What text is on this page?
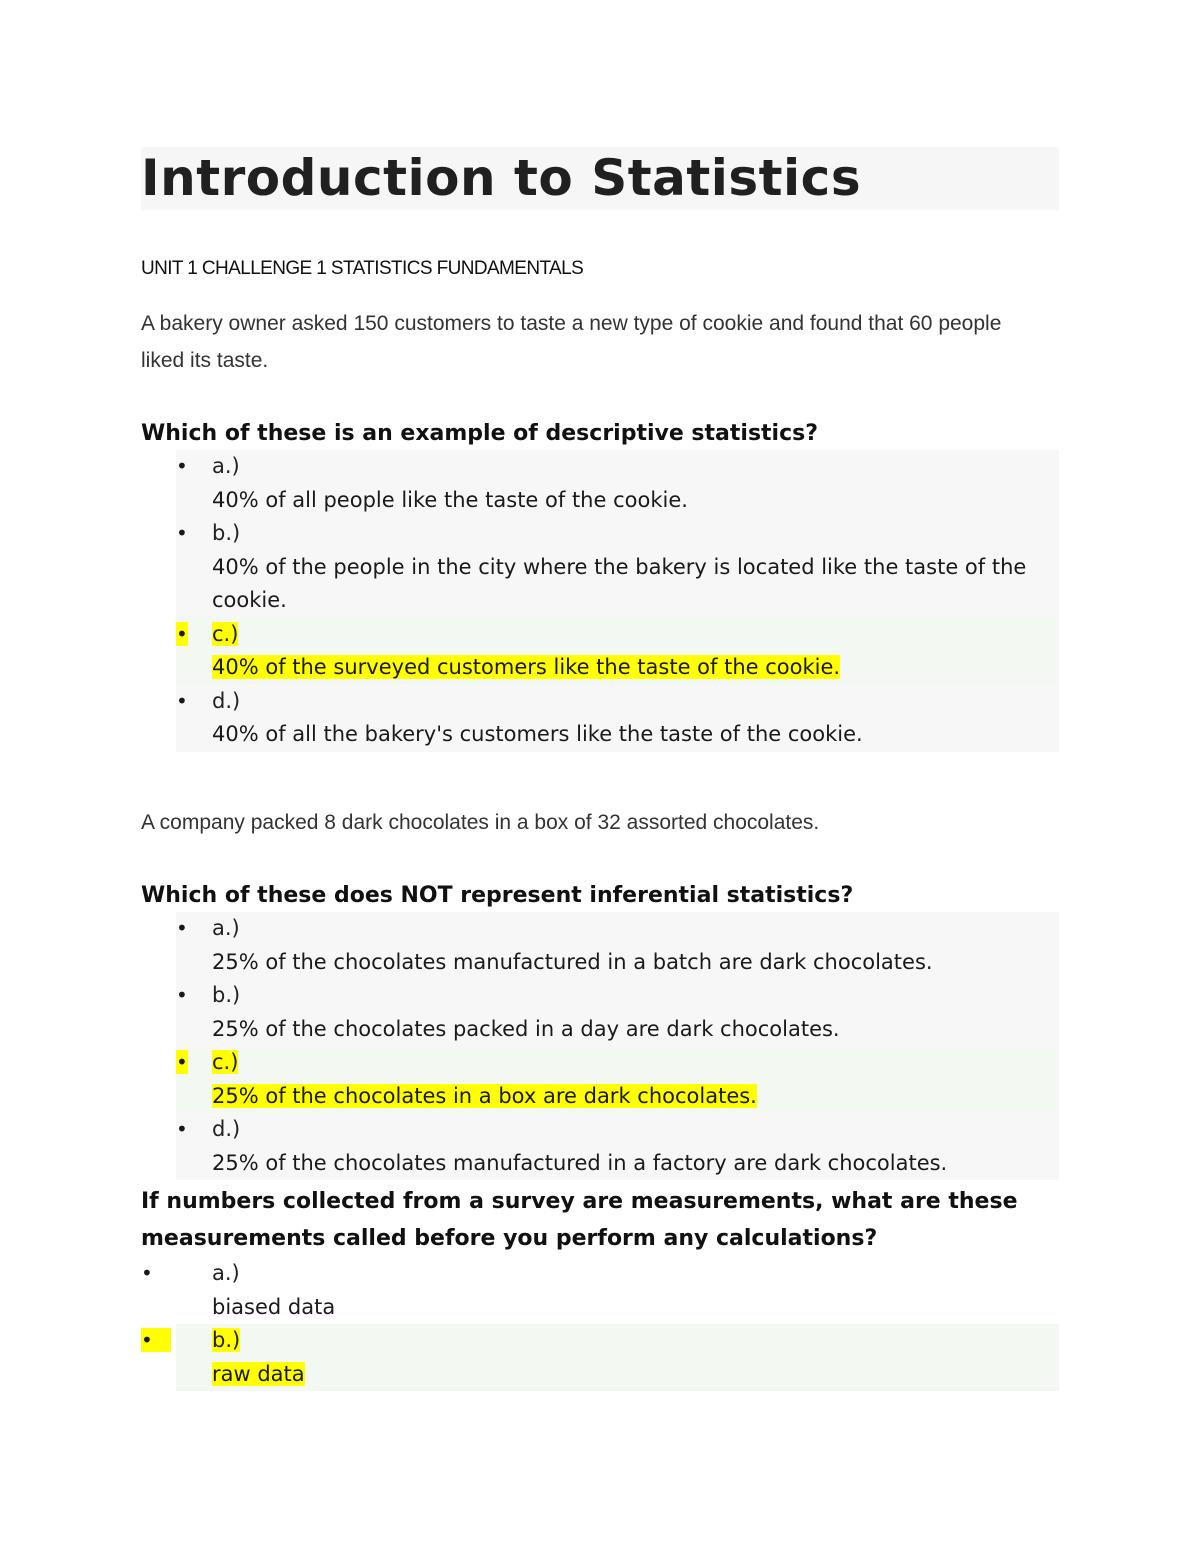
Introduction to Statistics
UNIT 1 CHALLENGE 1 STATISTICS FUNDAMENTALS

A bakery owner asked 150 customers to taste a new type of cookie and found that 60 people liked its taste.

Which of these is an example of descriptive statistics?

•	a.)
40% of all people like the taste of the cookie.
•	b.)
40% of the people in the city where the bakery is located like the taste of the cookie.
•	c.)
40% of the surveyed customers like the taste of the cookie.
•	d.)
40% of all the bakery's customers like the taste of the cookie.

A company packed 8 dark chocolates in a box of 32 assorted chocolates.

Which of these does NOT represent inferential statistics?

•	a.)
25% of the chocolates manufactured in a batch are dark chocolates.
•	b.)
25% of the chocolates packed in a day are dark chocolates.
•	c.)
25% of the chocolates in a box are dark chocolates.
•	d.)
25% of the chocolates manufactured in a factory are dark chocolates.

If numbers collected from a survey are measurements, what are these measurements called before you perform any calculations?

•	a.)
biased data
•	b.)
raw data
